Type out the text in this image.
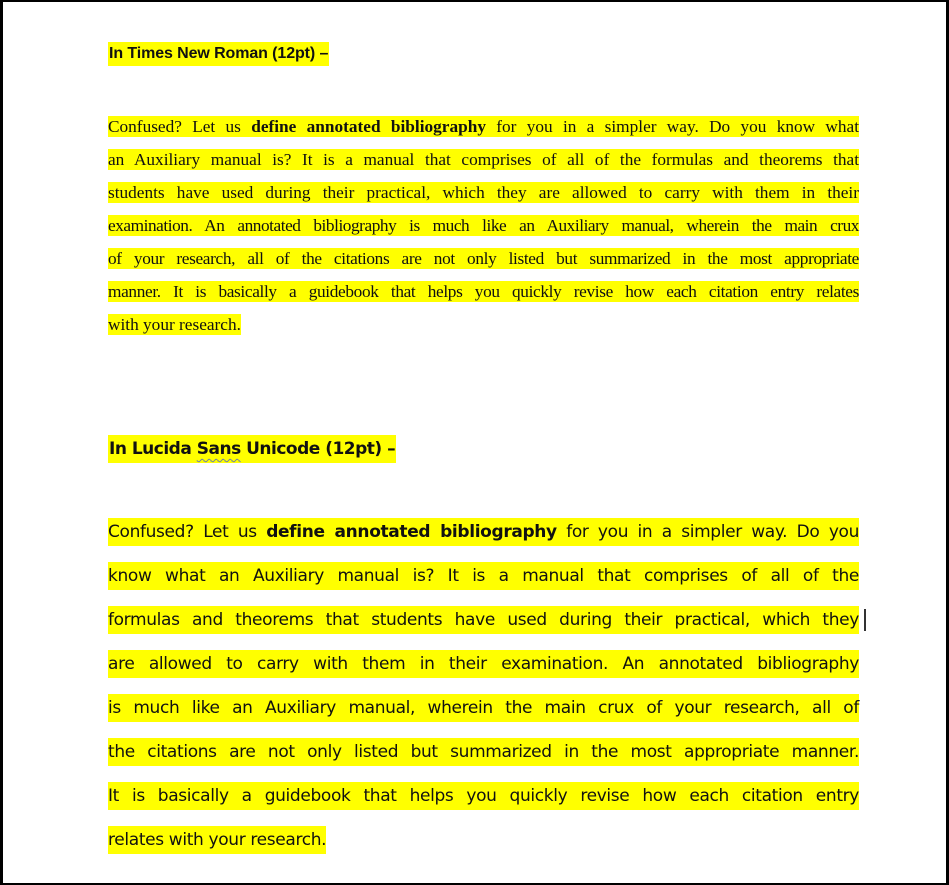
In Times New Roman (12pt) –
Confused? Let us define annotated bibliography for you in a simpler way. Do you know what
an Auxiliary manual is? It is a manual that comprises of all of the formulas and theorems that
students have used during their practical, which they are allowed to carry with them in their
examination. An annotated bibliography is much like an Auxiliary manual, wherein the main crux
of your research, all of the citations are not only listed but summarized in the most appropriate
manner. It is basically a guidebook that helps you quickly revise how each citation entry relates
with your research.
In Lucida Sans Unicode (12pt) –
Confused? Let us define annotated bibliography for you in a simpler way. Do you
know what an Auxiliary manual is? It is a manual that comprises of all of the
formulas and theorems that students have used during their practical, which they
are allowed to carry with them in their examination. An annotated bibliography
is much like an Auxiliary manual, wherein the main crux of your research, all of
the citations are not only listed but summarized in the most appropriate manner.
It is basically a guidebook that helps you quickly revise how each citation entry
relates with your research.
